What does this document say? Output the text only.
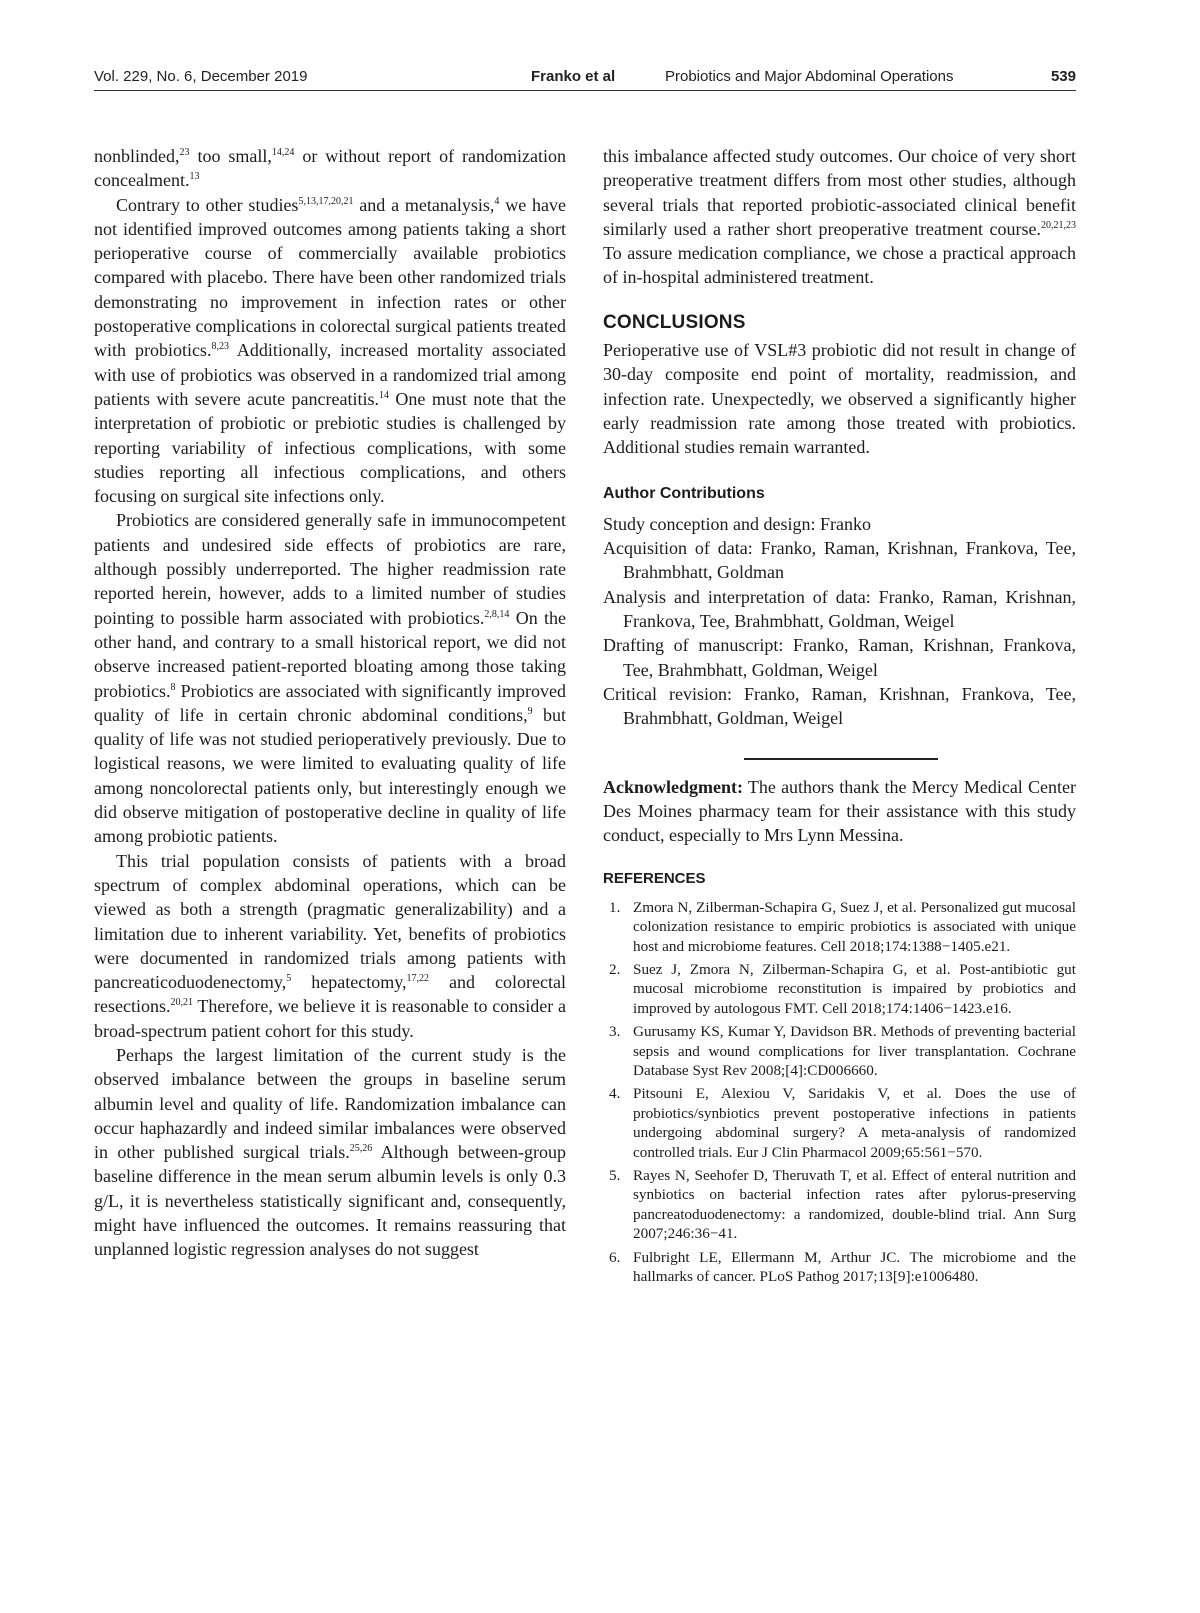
Vol. 229, No. 6, December 2019	Franko et al	Probiotics and Major Abdominal Operations	539

nonblinded,$^{23}$ too small,$^{14,24}$ or without report of randomization concealment.$^{13}$

Contrary to other studies$^{5,13,17,20,21}$ and a metanalysis,$^4$ we have not identified improved outcomes among patients taking a short perioperative course of commercially available probiotics compared with placebo. There have been other randomized trials demonstrating no improvement in infection rates or other postoperative complications in colorectal surgical patients treated with probiotics.$^{8,23}$ Additionally, increased mortality associated with use of probiotics was observed in a randomized trial among patients with severe acute pancreatitis.$^{14}$ One must note that the interpretation of probiotic or prebiotic studies is challenged by reporting variability of infectious complications, with some studies reporting all infectious complications, and others focusing on surgical site infections only.

Probiotics are considered generally safe in immunocompetent patients and undesired side effects of probiotics are rare, although possibly underreported. The higher readmission rate reported herein, however, adds to a limited number of studies pointing to possible harm associated with probiotics.$^{2,8,14}$ On the other hand, and contrary to a small historical report, we did not observe increased patient-reported bloating among those taking probiotics.$^8$ Probiotics are associated with significantly improved quality of life in certain chronic abdominal conditions,$^9$ but quality of life was not studied perioperatively previously. Due to logistical reasons, we were limited to evaluating quality of life among noncolorectal patients only, but interestingly enough we did observe mitigation of postoperative decline in quality of life among probiotic patients.

This trial population consists of patients with a broad spectrum of complex abdominal operations, which can be viewed as both a strength (pragmatic generalizability) and a limitation due to inherent variability. Yet, benefits of probiotics were documented in randomized trials among patients with pancreaticoduodenectomy,$^5$ hepatectomy,$^{17,22}$ and colorectal resections.$^{20,21}$ Therefore, we believe it is reasonable to consider a broad-spectrum patient cohort for this study.

Perhaps the largest limitation of the current study is the observed imbalance between the groups in baseline serum albumin level and quality of life. Randomization imbalance can occur haphazardly and indeed similar imbalances were observed in other published surgical trials.$^{25,26}$ Although between-group baseline difference in the mean serum albumin levels is only 0.3 g/L, it is nevertheless statistically significant and, consequently, might have influenced the outcomes. It remains reassuring that unplanned logistic regression analyses do not suggest

this imbalance affected study outcomes. Our choice of very short preoperative treatment differs from most other studies, although several trials that reported probiotic-associated clinical benefit similarly used a rather short preoperative treatment course.$^{20,21,23}$ To assure medication compliance, we chose a practical approach of in-hospital administered treatment.

CONCLUSIONS

Perioperative use of VSL#3 probiotic did not result in change of 30-day composite end point of mortality, readmission, and infection rate. Unexpectedly, we observed a significantly higher early readmission rate among those treated with probiotics. Additional studies remain warranted.

Author Contributions
Study conception and design: Franko
Acquisition of data: Franko, Raman, Krishnan, Frankova, Tee, Brahmbhatt, Goldman
Analysis and interpretation of data: Franko, Raman, Krishnan, Frankova, Tee, Brahmbhatt, Goldman, Weigel
Drafting of manuscript: Franko, Raman, Krishnan, Frankova, Tee, Brahmbhatt, Goldman, Weigel
Critical revision: Franko, Raman, Krishnan, Frankova, Tee, Brahmbhatt, Goldman, Weigel

Acknowledgment: The authors thank the Mercy Medical Center Des Moines pharmacy team for their assistance with this study conduct, especially to Mrs Lynn Messina.

REFERENCES
1. Zmora N, Zilberman-Schapira G, Suez J, et al. Personalized gut mucosal colonization resistance to empiric probiotics is associated with unique host and microbiome features. Cell 2018;174:1388−1405.e21.
2. Suez J, Zmora N, Zilberman-Schapira G, et al. Post-antibiotic gut mucosal microbiome reconstitution is impaired by probiotics and improved by autologous FMT. Cell 2018;174:1406−1423.e16.
3. Gurusamy KS, Kumar Y, Davidson BR. Methods of preventing bacterial sepsis and wound complications for liver transplantation. Cochrane Database Syst Rev 2008;[4]:CD006660.
4. Pitsouni E, Alexiou V, Saridakis V, et al. Does the use of probiotics/synbiotics prevent postoperative infections in patients undergoing abdominal surgery? A meta-analysis of randomized controlled trials. Eur J Clin Pharmacol 2009;65:561−570.
5. Rayes N, Seehofer D, Theruvath T, et al. Effect of enteral nutrition and synbiotics on bacterial infection rates after pylorus-preserving pancreatoduodenectomy: a randomized, double-blind trial. Ann Surg 2007;246:36−41.
6. Fulbright LE, Ellermann M, Arthur JC. The microbiome and the hallmarks of cancer. PLoS Pathog 2017;13[9]:e1006480.
